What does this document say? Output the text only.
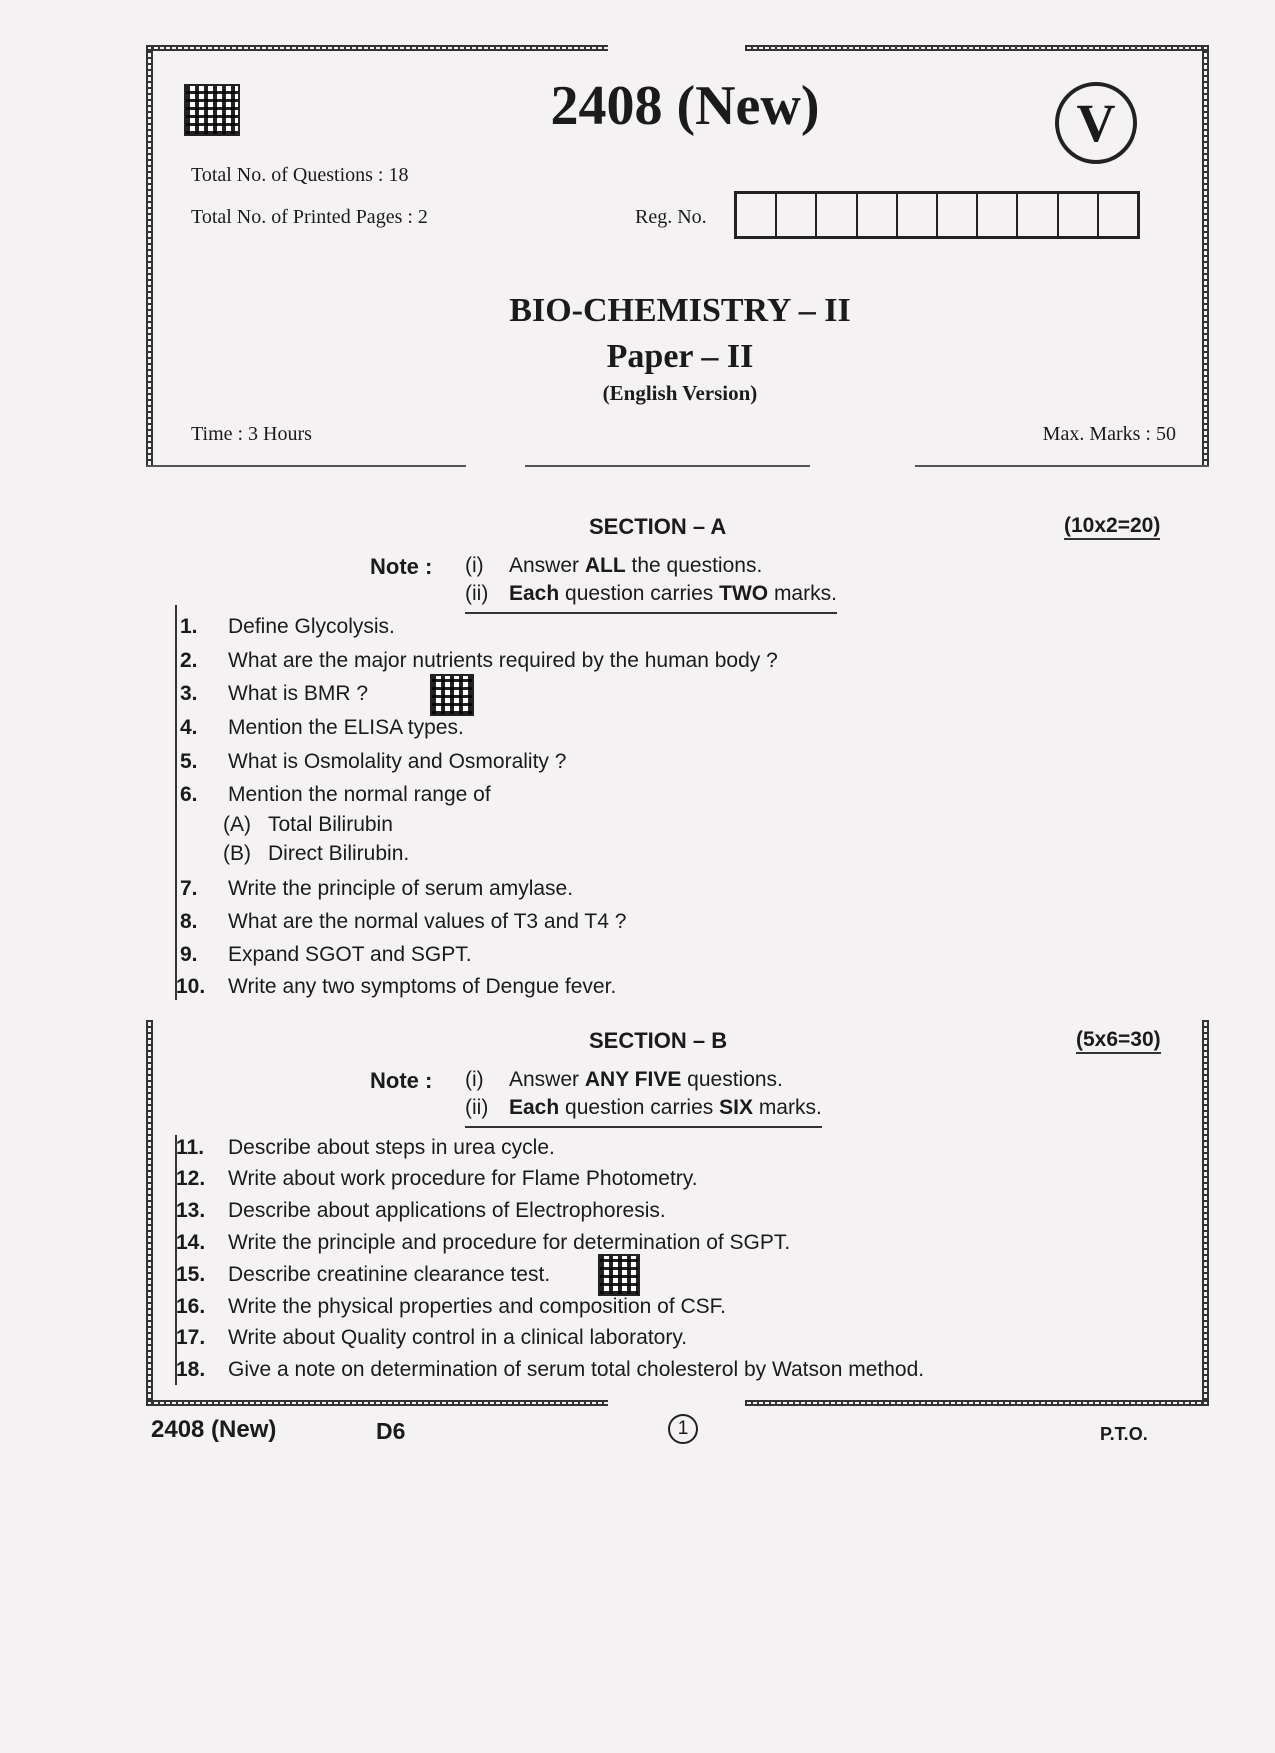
2408 (New)	V
Total No. of Questions : 18
Total No. of Printed Pages : 2	Reg. No.
BIO-CHEMISTRY – II
Paper – II
(English Version)
Time : 3 Hours	Max. Marks : 50
SECTION – A	(10x2=20)
Note : (i) Answer ALL the questions.
(ii) Each question carries TWO marks.
1. Define Glycolysis.
2. What are the major nutrients required by the human body ?
3. What is BMR ?
4. Mention the ELISA types.
5. What is Osmolality and Osmorality ?
6. Mention the normal range of
(A) Total Bilirubin
(B) Direct Bilirubin.
7. Write the principle of serum amylase.
8. What are the normal values of T3 and T4 ?
9. Expand SGOT and SGPT.
10. Write any two symptoms of Dengue fever.
SECTION – B	(5x6=30)
Note : (i) Answer ANY FIVE questions.
(ii) Each question carries SIX marks.
11. Describe about steps in urea cycle.
12. Write about work procedure for Flame Photometry.
13. Describe about applications of Electrophoresis.
14. Write the principle and procedure for determination of SGPT.
15. Describe creatinine clearance test.
16. Write the physical properties and composition of CSF.
17. Write about Quality control in a clinical laboratory.
18. Give a note on determination of serum total cholesterol by Watson method.
2408 (New)	D6	1	P.T.O.
